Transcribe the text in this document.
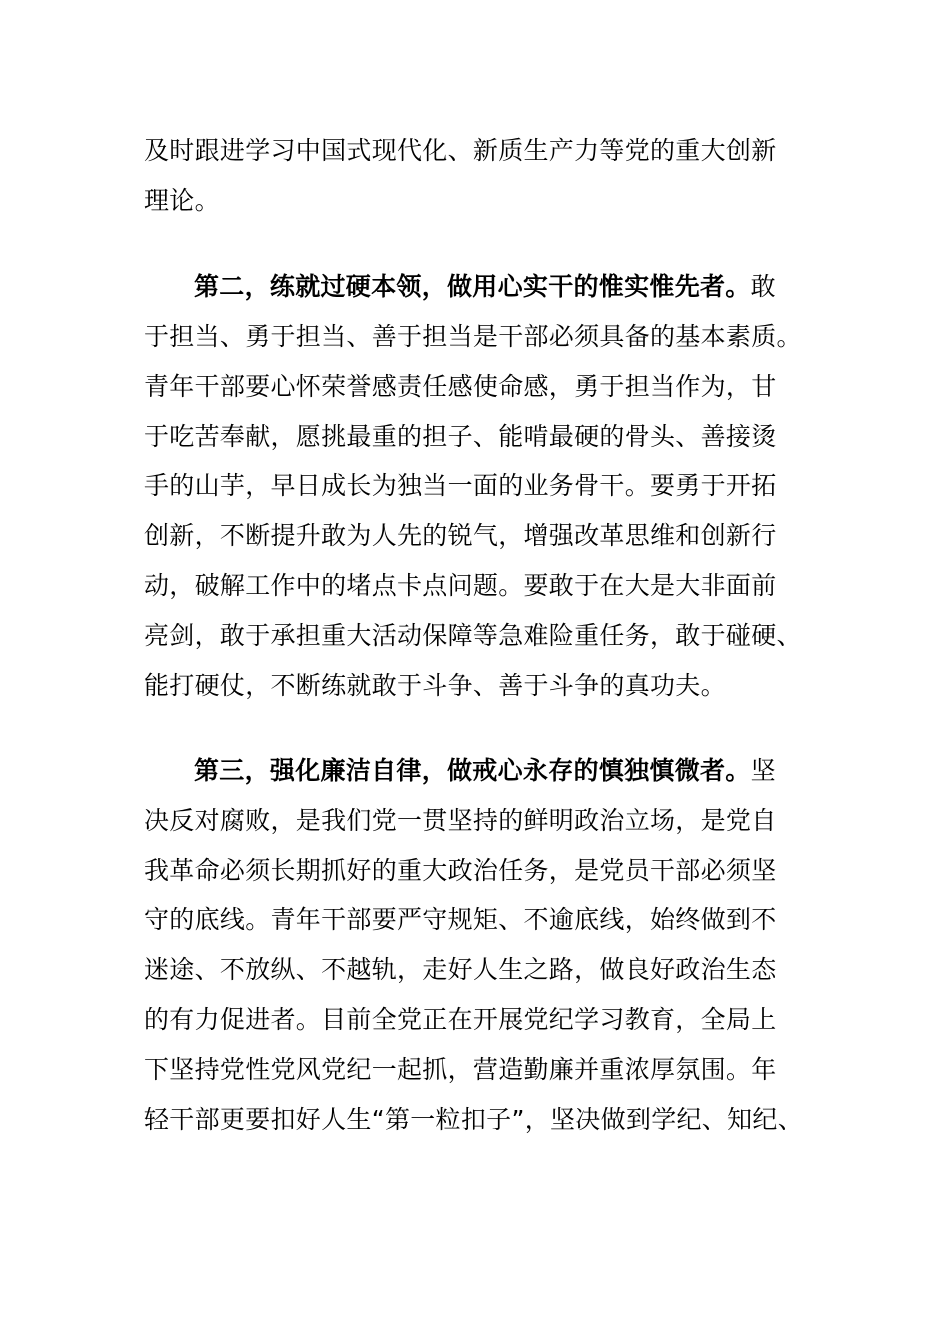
及时跟进学习中国式现代化、新质生产力等党的重大创新
理论。
第二，练就过硬本领，做用心实干的惟实惟先者。敢
于担当、勇于担当、善于担当是干部必须具备的基本素质。
青年干部要心怀荣誉感责任感使命感，勇于担当作为，甘
于吃苦奉献，愿挑最重的担子、能啃最硬的骨头、善接烫
手的山芋，早日成长为独当一面的业务骨干。要勇于开拓
创新，不断提升敢为人先的锐气，增强改革思维和创新行
动，破解工作中的堵点卡点问题。要敢于在大是大非面前
亮剑，敢于承担重大活动保障等急难险重任务，敢于碰硬、
能打硬仗，不断练就敢于斗争、善于斗争的真功夫。
第三，强化廉洁自律，做戒心永存的慎独慎微者。坚
决反对腐败，是我们党一贯坚持的鲜明政治立场，是党自
我革命必须长期抓好的重大政治任务，是党员干部必须坚
守的底线。青年干部要严守规矩、不逾底线，始终做到不
迷途、不放纵、不越轨，走好人生之路，做良好政治生态
的有力促进者。目前全党正在开展党纪学习教育，全局上
下坚持党性党风党纪一起抓，营造勤廉并重浓厚氛围。年
轻干部更要扣好人生“第一粒扣子”，坚决做到学纪、知纪、
